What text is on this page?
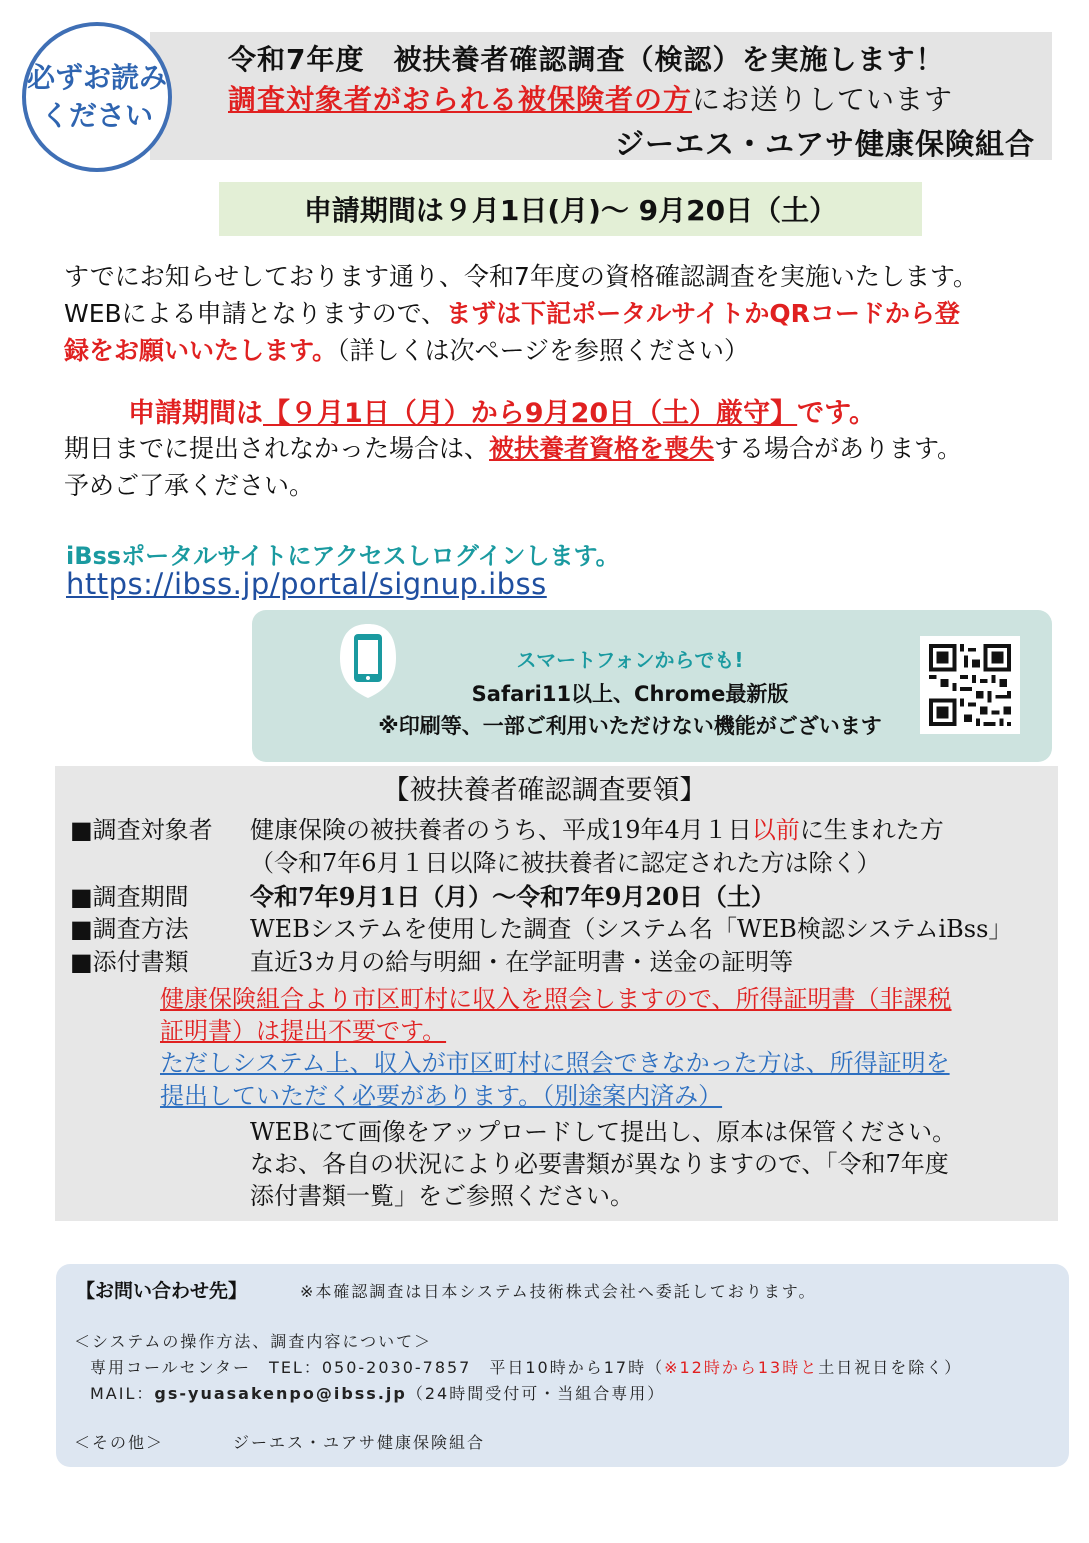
必ずお読み
ください
令和7年度　被扶養者確認調査（検認）を実施します！
調査対象者がおられる被保険者の方にお送りしています
ジーエス・ユアサ健康保険組合
申請期間は９月1日(月)～ 9月20日（土）
すでにお知らせしております通り、令和7年度の資格確認調査を実施いたします。
WEBによる申請となりますので、まずは下記ポータルサイトかQRコードから登
録をお願いいたします。（詳しくは次ページを参照ください）
申請期間は【９月1日（月）から9月20日（土）厳守】です。
期日までに提出されなかった場合は、被扶養者資格を喪失する場合があります。
予めご了承ください。
iBssポータルサイトにアクセスしログインします。
https://ibss.jp/portal/signup.ibss
スマートフォンからでも!
Safari11以上、Chrome最新版
※印刷等、一部ご利用いただけない機能がございます
【被扶養者確認調査要領】
■調査対象者 健康保険の被扶養者のうち、平成19年4月１日以前に生まれた方
（令和7年6月１日以降に被扶養者に認定された方は除く）
■調査期間	令和7年9月1日（月）～令和7年9月20日（土）
■調査方法	WEBシステムを使用した調査（システム名「WEB検認システムiBss」
■添付書類	直近3カ月の給与明細・在学証明書・送金の証明等
健康保険組合より市区町村に収入を照会しますので、所得証明書（非課税
証明書）は提出不要です。
ただしシステム上、収入が市区町村に照会できなかった方は、所得証明を
提出していただく必要があります。（別途案内済み）
WEBにて画像をアップロードして提出し、原本は保管ください。
なお、各自の状況により必要書類が異なりますので、「令和7年度
添付書類一覧」をご参照ください。
【お問い合わせ先】	※本確認調査は日本システム技術株式会社へ委託しております。
＜システムの操作方法、調査内容について＞
専用コールセンター　TEL：050-2030-7857　平日10時から17時（※12時から13時と土日祝日を除く）
MAIL：gs-yuasakenpo@ibss.jp（24時間受付可・当組合専用）
＜その他＞	ジーエス・ユアサ健康保険組合
